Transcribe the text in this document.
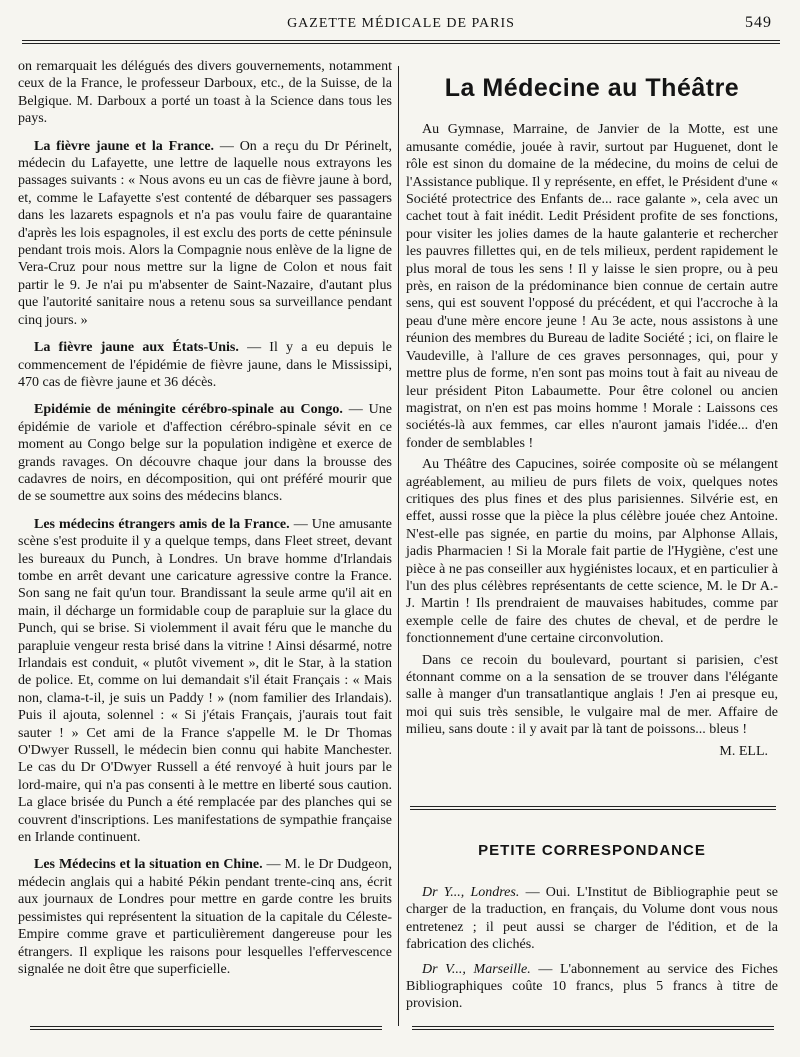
GAZETTE MÉDICALE DE PARIS	549

on remarquait les délégués des divers gouvernements, notamment ceux de la France, le professeur Darboux, etc., de la Suisse, de la Belgique. M. Darboux a porté un toast à la Science dans tous les pays.

La fièvre jaune et la France. — On a reçu du Dr Périnelt, médecin du Lafayette, une lettre de laquelle nous extrayons les passages suivants : « Nous avons eu un cas de fièvre jaune à bord, et, comme le Lafayette s'est contenté de débarquer ses passagers dans les lazarets espagnols et n'a pas voulu faire de quarantaine d'après les lois espagnoles, il est exclu des ports de cette péninsule pendant trois mois. Alors la Compagnie nous enlève de la ligne de Vera-Cruz pour nous mettre sur la ligne de Colon et nous fait partir le 9. Je n'ai pu m'absenter de Saint-Nazaire, d'autant plus que l'autorité sanitaire nous a retenu sous sa surveillance pendant cinq jours. »

La fièvre jaune aux États-Unis. — Il y a eu depuis le commencement de l'épidémie de fièvre jaune, dans le Mississipi, 470 cas de fièvre jaune et 36 décès.

Epidémie de méningite cérébro-spinale au Congo. — Une épidémie de variole et d'affection cérébro-spinale sévit en ce moment au Congo belge sur la population indigène et exerce de grands ravages. On découvre chaque jour dans la brousse des cadavres de noirs, en décomposition, qui ont préféré mourir que de se soumettre aux soins des médecins blancs.

Les médecins étrangers amis de la France. — Une amusante scène s'est produite il y a quelque temps, dans Fleet street, devant les bureaux du Punch, à Londres. Un brave homme d'Irlandais tombe en arrêt devant une caricature agressive contre la France. Son sang ne fait qu'un tour. Brandissant la seule arme qu'il ait en main, il décharge un formidable coup de parapluie sur la glace du Punch, qui se brise. Si violemment il avait féru que le manche du parapluie vengeur resta brisé dans la vitrine ! Ainsi désarmé, notre Irlandais est conduit, « plutôt vivement », dit le Star, à la station de police. Et, comme on lui demandait s'il était Français : « Mais non, clama-t-il, je suis un Paddy ! » (nom familier des Irlandais). Puis il ajouta, solennel : « Si j'étais Français, j'aurais tout fait sauter ! » Cet ami de la France s'appelle M. le Dr Thomas O'Dwyer Russell, le médecin bien connu qui habite Manchester. Le cas du Dr O'Dwyer Russell a été renvoyé à huit jours par le lord-maire, qui n'a pas consenti à le mettre en liberté sous caution. La glace brisée du Punch a été remplacée par des planches qui se couvrent d'inscriptions. Les manifestations de sympathie française en Irlande continuent.

Les Médecins et la situation en Chine. — M. le Dr Dudgeon, médecin anglais qui a habité Pékin pendant trente-cinq ans, écrit aux journaux de Londres pour mettre en garde contre les bruits pessimistes qui représentent la situation de la capitale du Céleste-Empire comme grave et particulièrement dangereuse pour les étrangers. Il explique les raisons pour lesquelles l'effervescence signalée ne doit être que superficielle.

La Médecine au Théâtre

Au Gymnase, Marraine, de Janvier de la Motte, est une amusante comédie, jouée à ravir, surtout par Huguenet, dont le rôle est sinon du domaine de la médecine, du moins de celui de l'Assistance publique. Il y représente, en effet, le Président d'une « Société protectrice des Enfants de... race galante », cela avec un cachet tout à fait inédit. Ledit Président profite de ses fonctions, pour visiter les jolies dames de la haute galanterie et rechercher les pauvres fillettes qui, en de tels milieux, perdent rapidement le plus moral de tous les sens ! Il y laisse le sien propre, ou à peu près, en raison de la prédominance bien connue de certain autre sens, qui est souvent l'opposé du précédent, et qui l'accroche à la peau d'une mère encore jeune ! Au 3e acte, nous assistons à une réunion des membres du Bureau de ladite Société ; ici, on flaire le Vaudeville, à l'allure de ces graves personnages, qui, pour y mettre plus de forme, n'en sont pas moins tout à fait au niveau de leur président Piton Labaumette. Pour être colonel ou ancien magistrat, on n'en est pas moins homme ! Morale : Laissons ces sociétés-là aux femmes, car elles n'auront jamais l'idée... d'en fonder de semblables !

Au Théâtre des Capucines, soirée composite où se mélangent agréablement, au milieu de purs filets de voix, quelques notes critiques des plus fines et des plus parisiennes. Silvérie est, en effet, aussi rosse que la pièce la plus célèbre jouée chez Antoine. N'est-elle pas signée, en partie du moins, par Alphonse Allais, jadis Pharmacien ! Si la Morale fait partie de l'Hygiène, c'est une pièce à ne pas conseiller aux hygiénistes locaux, et en particulier à l'un des plus célèbres représentants de cette science, M. le Dr A.-J. Martin ! Ils prendraient de mauvaises habitudes, comme par exemple celle de faire des chutes de cheval, et de perdre le fonctionnement d'une certaine circonvolution.

Dans ce recoin du boulevard, pourtant si parisien, c'est étonnant comme on a la sensation de se trouver dans l'élégante salle à manger d'un transatlantique anglais ! J'en ai presque eu, moi qui suis très sensible, le vulgaire mal de mer. Affaire de milieu, sans doute : il y avait par là tant de poissons... bleus !

M. ELL.

PETITE CORRESPONDANCE

Dr Y..., Londres. — Oui. L'Institut de Bibliographie peut se charger de la traduction, en français, du Volume dont vous nous entretenez ; il peut aussi se charger de l'édition, et de la fabrication des clichés.

Dr V..., Marseille. — L'abonnement au service des Fiches Bibliographiques coûte 10 francs, plus 5 francs à titre de provision.
